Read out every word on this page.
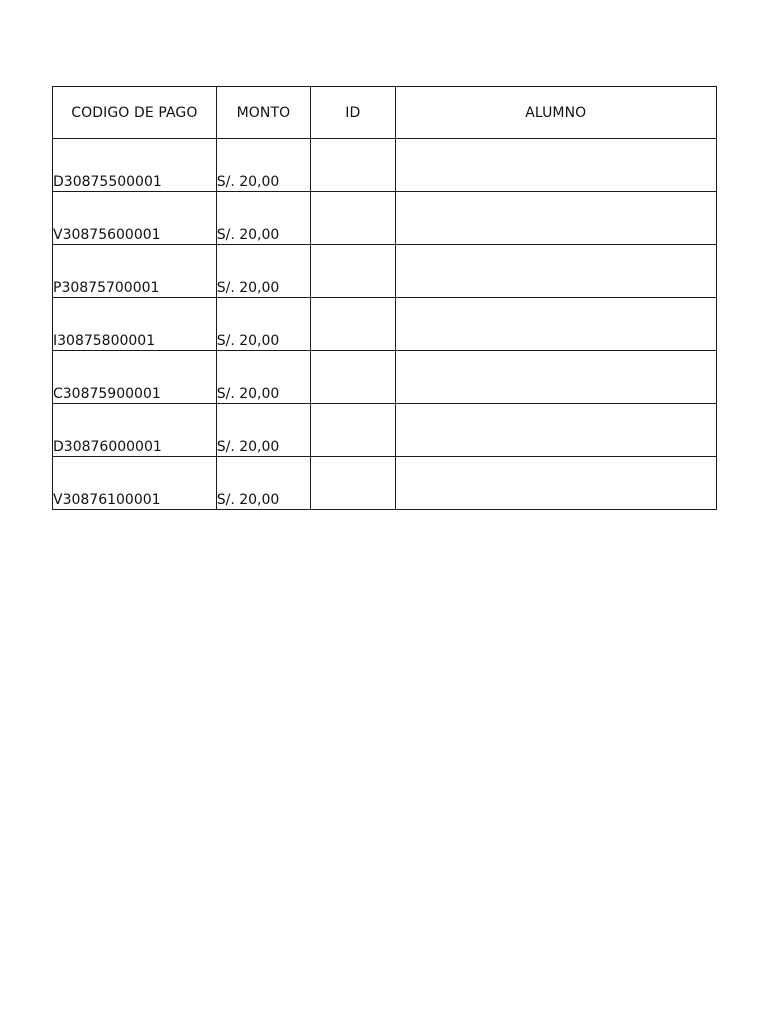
CODIGO DE PAGO	MONTO	ID	ALUMNO
D30875500001	S/. 20,00		
V30875600001	S/. 20,00		
P30875700001	S/. 20,00		
I30875800001	S/. 20,00		
C30875900001	S/. 20,00		
D30876000001	S/. 20,00		
V30876100001	S/. 20,00		
